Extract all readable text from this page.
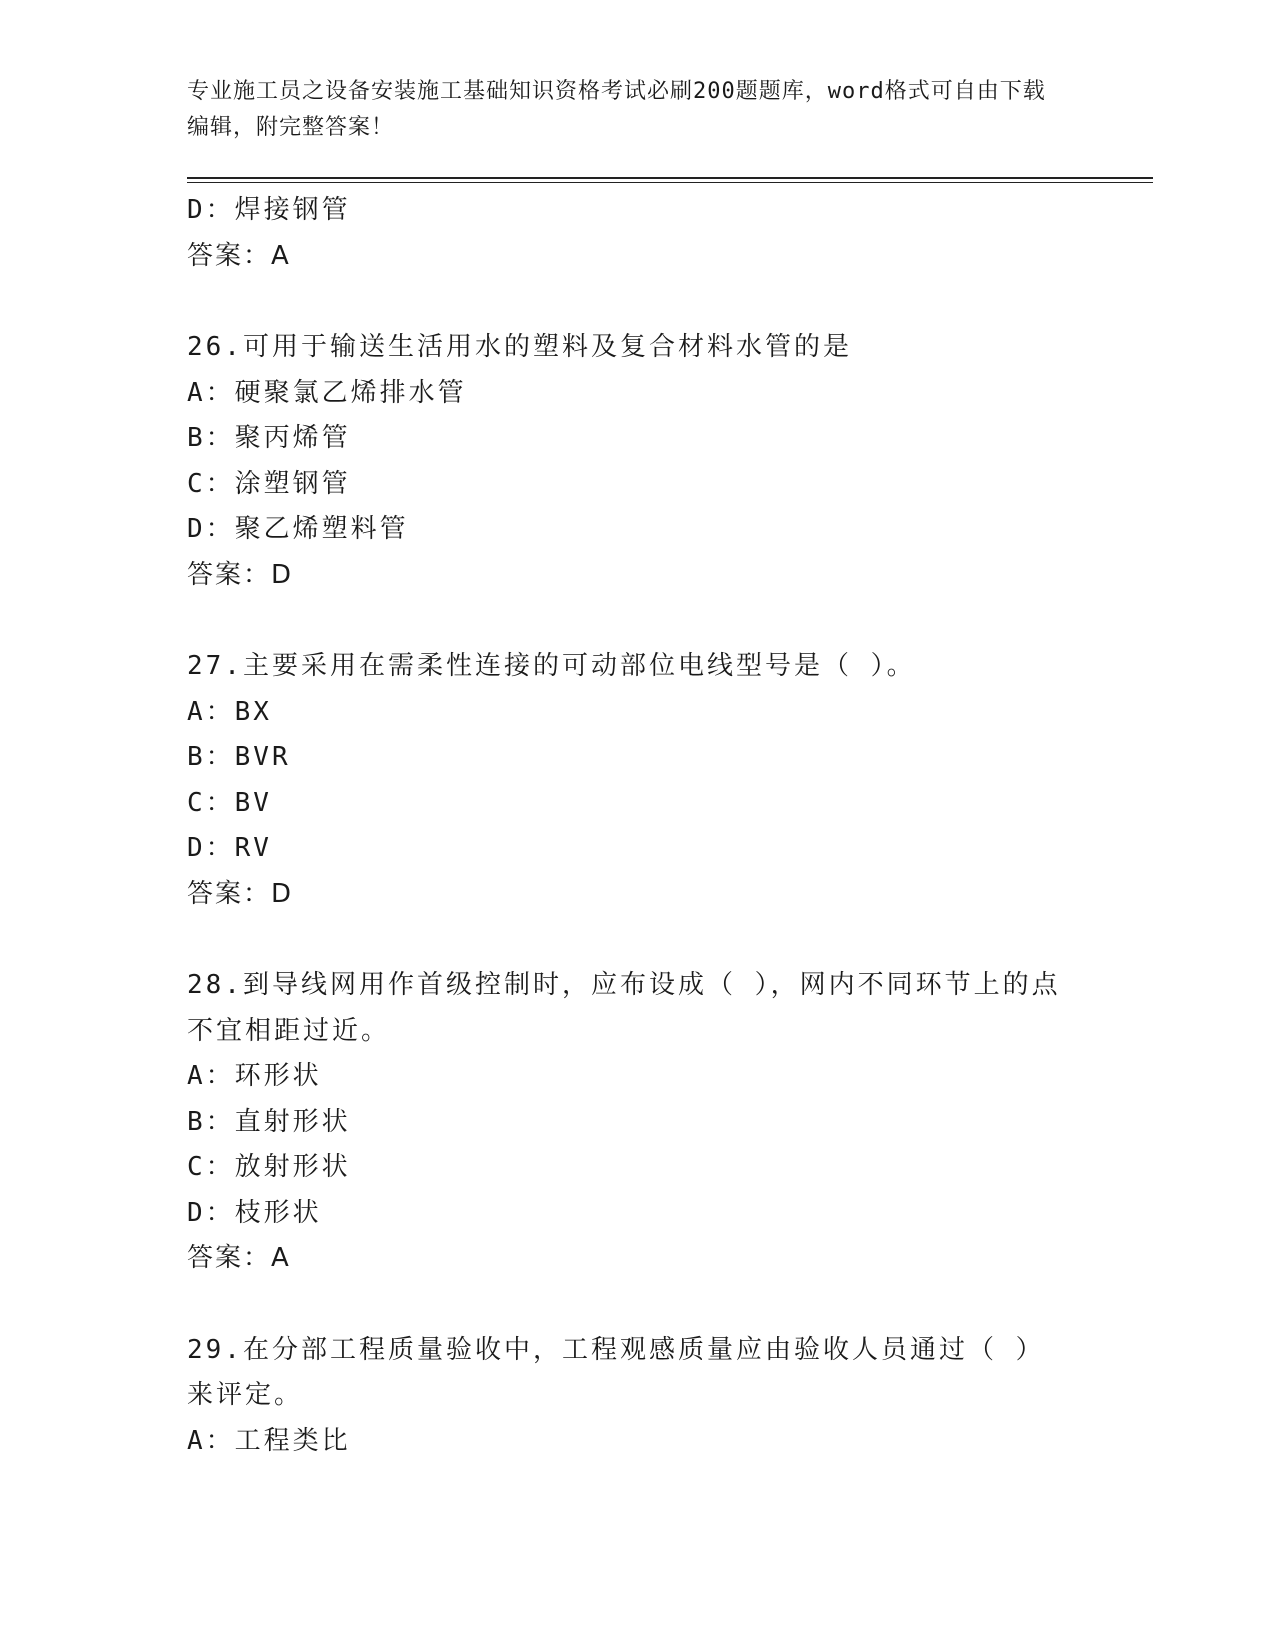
专业施工员之设备安装施工基础知识资格考试必刷200题题库，word格式可自由下载编辑，附完整答案！
D：焊接钢管
答案：A
26.可用于输送生活用水的塑料及复合材料水管的是
A：硬聚氯乙烯排水管
B：聚丙烯管
C：涂塑钢管
D：聚乙烯塑料管
答案：D
27.主要采用在需柔性连接的可动部位电线型号是（ ）。
A：BX
B：BVR
C：BV
D：RV
答案：D
28.到导线网用作首级控制时，应布设成（ ），网内不同环节上的点不宜相距过近。
A：环形状
B：直射形状
C：放射形状
D：枝形状
答案：A
29.在分部工程质量验收中，工程观感质量应由验收人员通过（ ）来评定。
A：工程类比
